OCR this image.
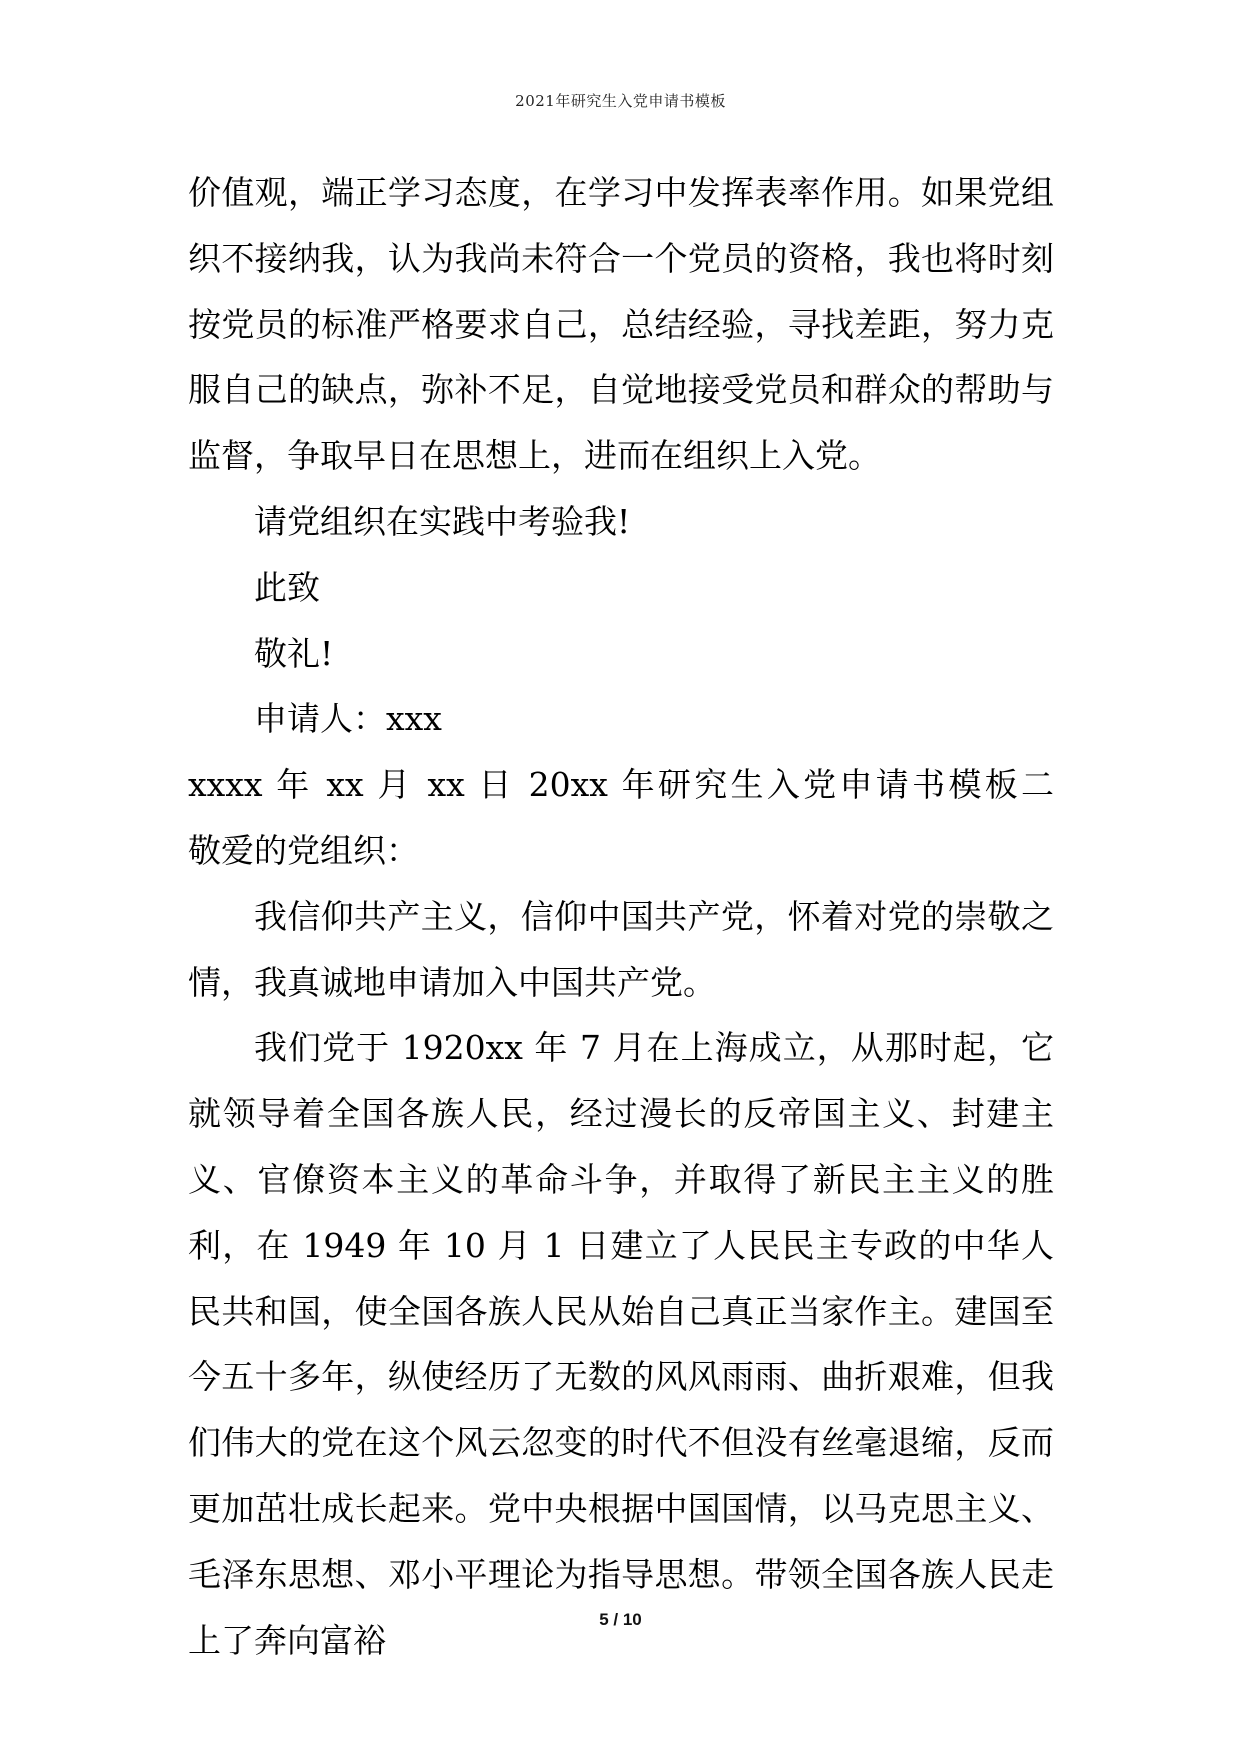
2021年研究生入党申请书模板

价值观，端正学习态度，在学习中发挥表率作用。如果党组织不接纳我，认为我尚未符合一个党员的资格，我也将时刻按党员的标准严格要求自己，总结经验，寻找差距，努力克服自己的缺点，弥补不足，自觉地接受党员和群众的帮助与监督，争取早日在思想上，进而在组织上入党。

请党组织在实践中考验我!

此致

敬礼!

申请人：xxx

xxxx 年 xx 月 xx 日 20xx 年研究生入党申请书模板二

敬爱的党组织：

我信仰共产主义，信仰中国共产党，怀着对党的崇敬之情，我真诚地申请加入中国共产党。

我们党于 1920xx 年 7 月在上海成立，从那时起，它就领导着全国各族人民，经过漫长的反帝国主义、封建主义、官僚资本主义的革命斗争，并取得了新民主主义的胜利，在 1949 年 10 月 1 日建立了人民民主专政的中华人民共和国，使全国各族人民从始自己真正当家作主。建国至今五十多年，纵使经历了无数的风风雨雨、曲折艰难，但我们伟大的党在这个风云忽变的时代不但没有丝毫退缩，反而更加茁壮成长起来。党中央根据中国国情，以马克思主义、毛泽东思想、邓小平理论为指导思想。带领全国各族人民走上了奔向富裕

5 / 10
